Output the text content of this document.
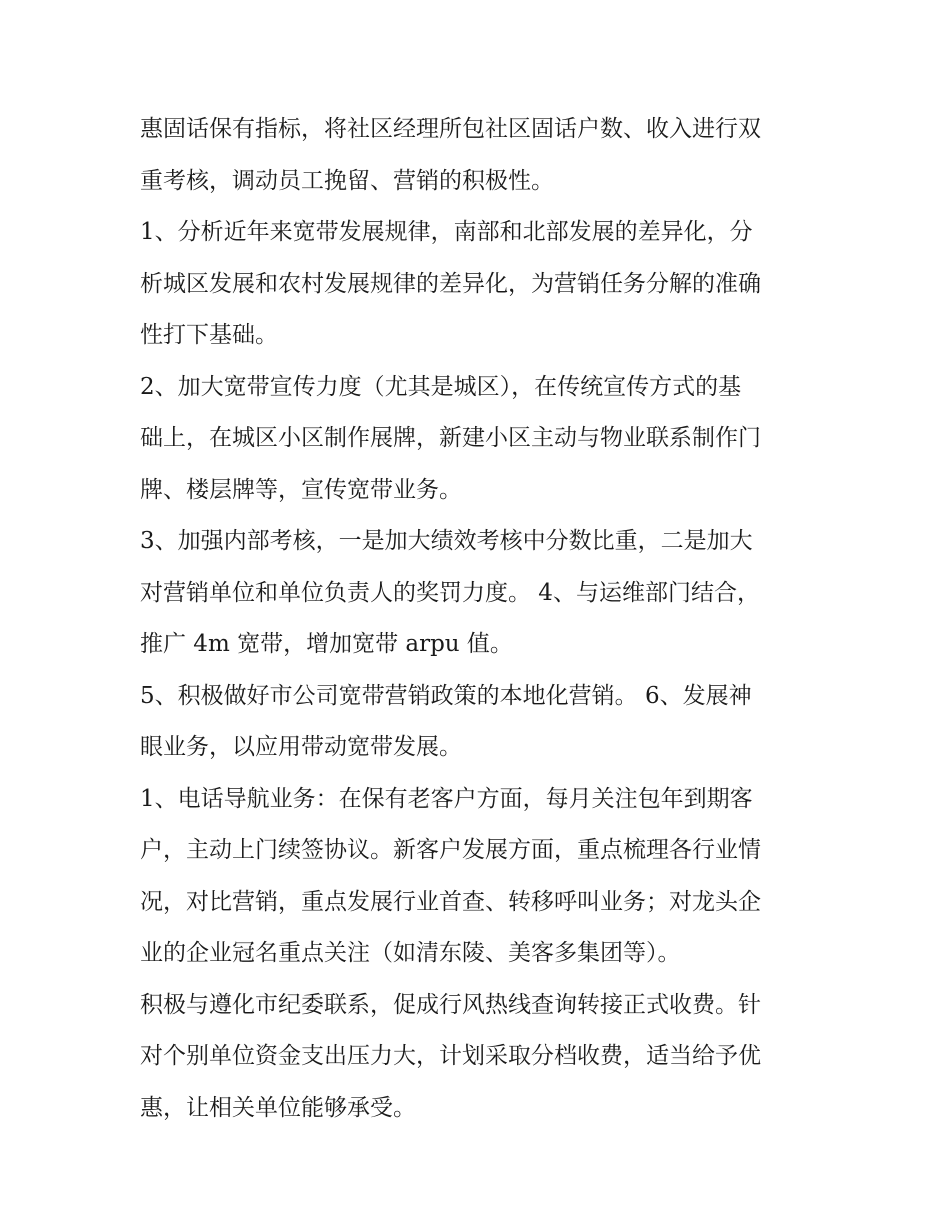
惠固话保有指标，将社区经理所包社区固话户数、收入进行双

重考核，调动员工挽留、营销的积极性。

1、分析近年来宽带发展规律，南部和北部发展的差异化，分

析城区发展和农村发展规律的差异化，为营销任务分解的准确

性打下基础。

2、加大宽带宣传力度（尤其是城区），在传统宣传方式的基

础上，在城区小区制作展牌，新建小区主动与物业联系制作门

牌、楼层牌等，宣传宽带业务。

3、加强内部考核，一是加大绩效考核中分数比重，二是加大

对营销单位和单位负责人的奖罚力度。 4、与运维部门结合，

推广 4m 宽带，增加宽带 arpu 值。

5、积极做好市公司宽带营销政策的本地化营销。 6、发展神

眼业务，以应用带动宽带发展。

1、电话导航业务：在保有老客户方面，每月关注包年到期客

户，主动上门续签协议。新客户发展方面，重点梳理各行业情

况，对比营销，重点发展行业首查、转移呼叫业务；对龙头企

业的企业冠名重点关注（如清东陵、美客多集团等）。

积极与遵化市纪委联系，促成行风热线查询转接正式收费。针

对个别单位资金支出压力大，计划采取分档收费，适当给予优

惠，让相关单位能够承受。
